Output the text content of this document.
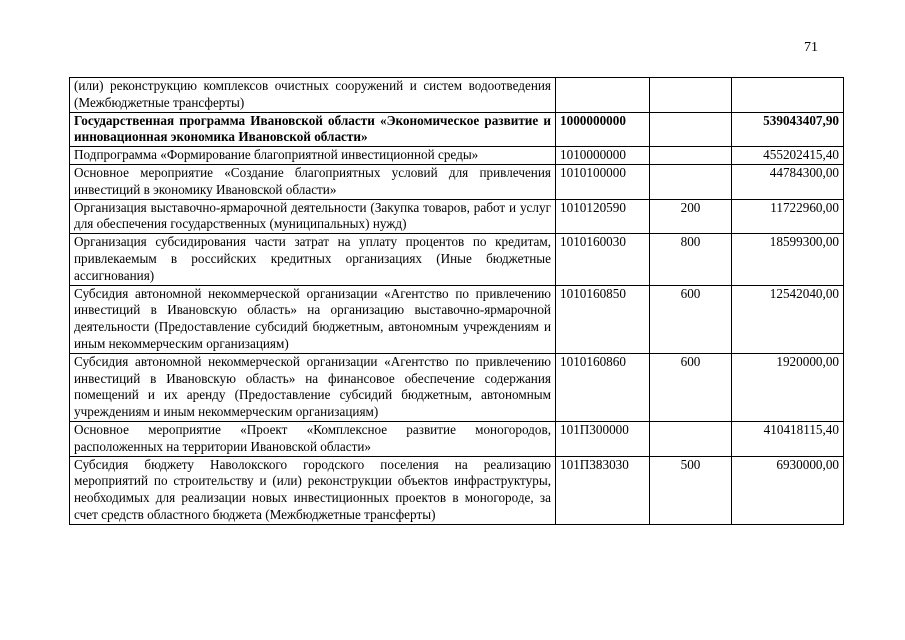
71
(или) реконструкцию комплексов очистных сооружений и систем водоотведения (Межбюджетные трансферты)			
Государственная программа Ивановской области «Экономическое развитие и инновационная экономика Ивановской области»	1000000000		539043407,90
Подпрограмма «Формирование благоприятной инвестиционной среды»	1010000000		455202415,40
Основное мероприятие «Создание благоприятных условий для привлечения инвестиций в экономику Ивановской области»	1010100000		44784300,00
Организация выставочно-ярмарочной деятельности (Закупка товаров, работ и услуг для обеспечения государственных (муниципальных) нужд)	1010120590	200	11722960,00
Организация субсидирования части затрат на уплату процентов по кредитам, привлекаемым в российских кредитных организациях (Иные бюджетные ассигнования)	1010160030	800	18599300,00
Субсидия автономной некоммерческой организации «Агентство по привлечению инвестиций в Ивановскую область» на организацию выставочно-ярмарочной деятельности (Предоставление субсидий бюджетным, автономным учреждениям и иным некоммерческим организациям)	1010160850	600	12542040,00
Субсидия автономной некоммерческой организации «Агентство по привлечению инвестиций в Ивановскую область» на финансовое обеспечение содержания помещений и их аренду (Предоставление субсидий бюджетным, автономным учреждениям и иным некоммерческим организациям)	1010160860	600	1920000,00
Основное мероприятие «Проект «Комплексное развитие моногородов, расположенных на территории Ивановской области»	101П300000		410418115,40
Субсидия бюджету Наволокского городского поселения на реализацию мероприятий по строительству и (или) реконструкции объектов инфраструктуры, необходимых для реализации новых инвестиционных проектов в моногороде, за счет средств областного бюджета (Межбюджетные трансферты)	101П383030	500	6930000,00
